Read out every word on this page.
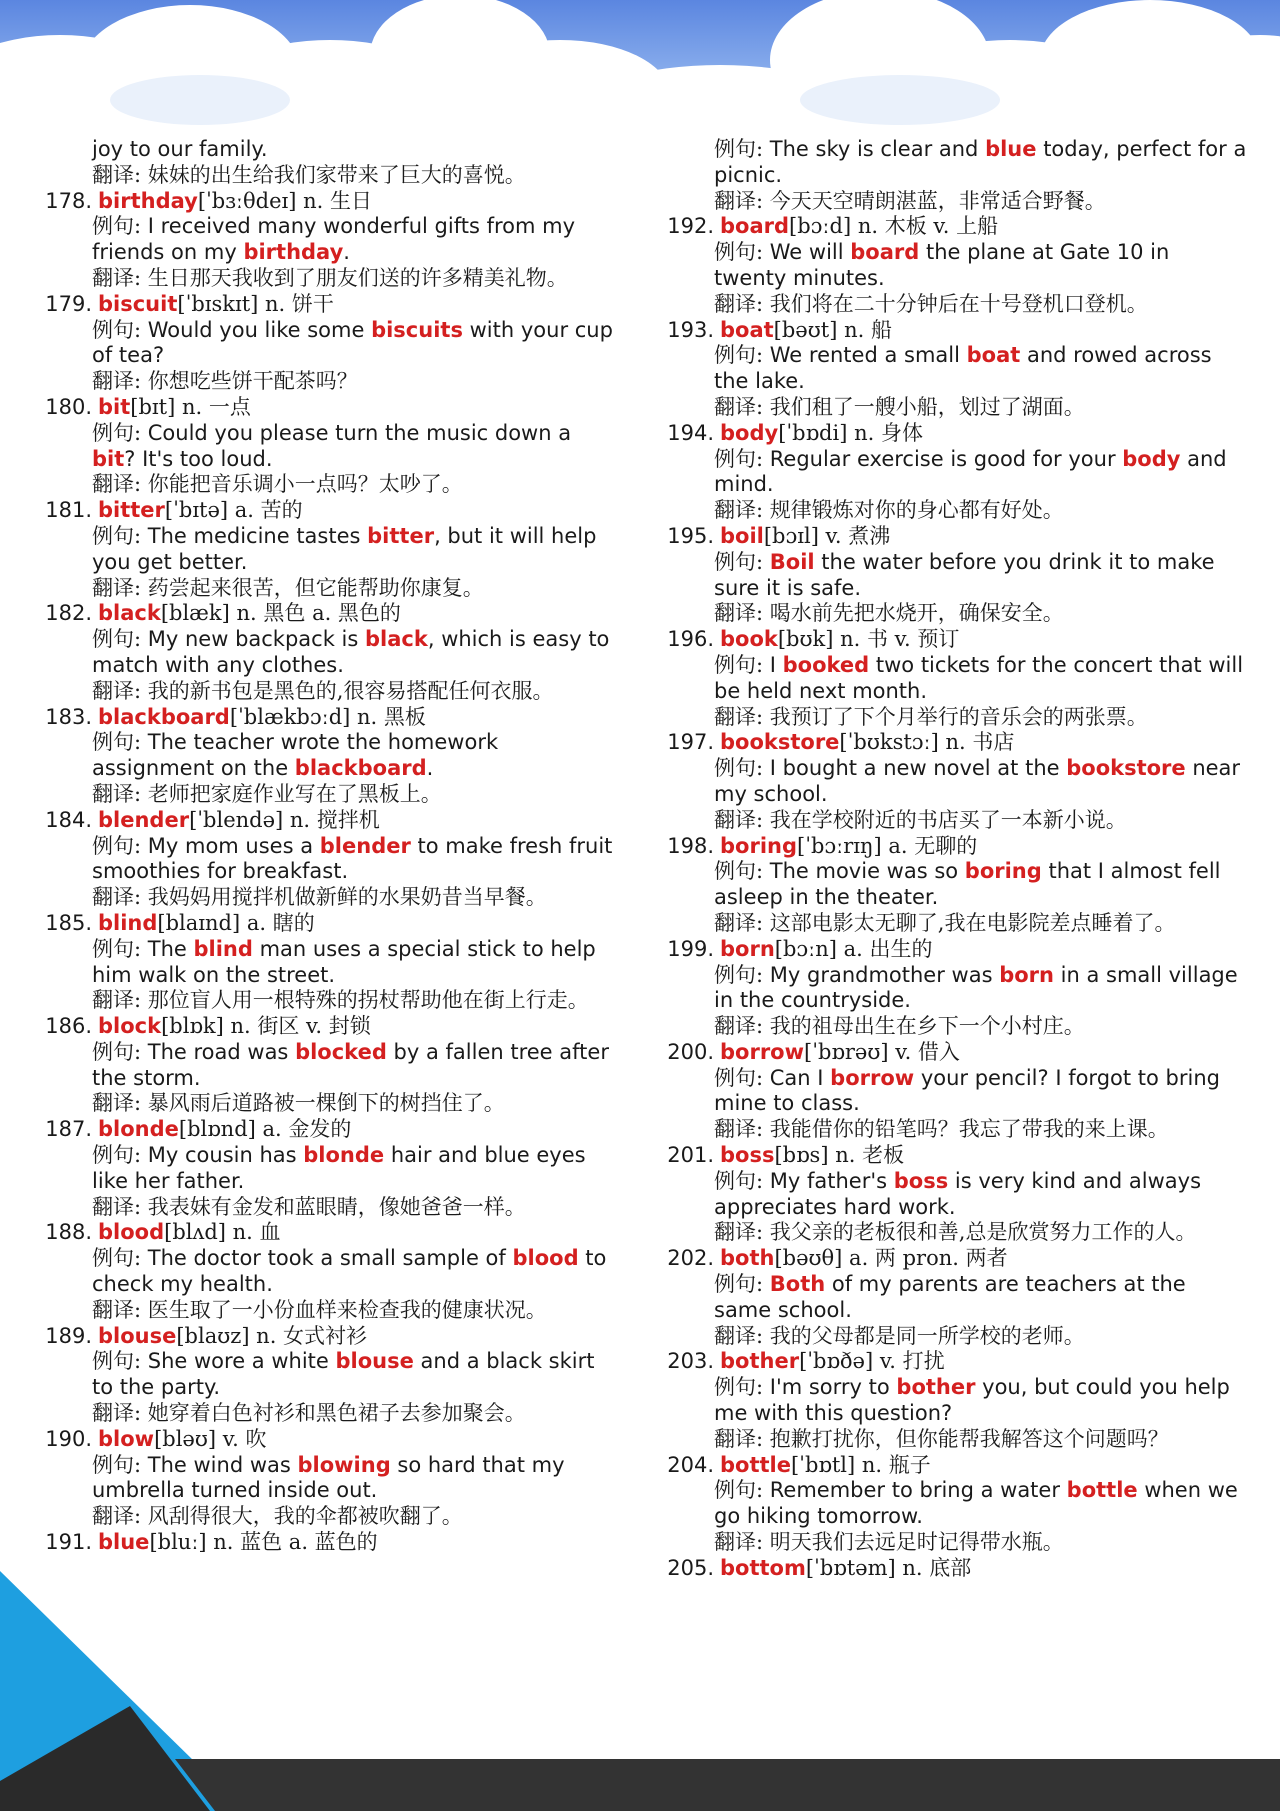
joy to our family.
翻译: 妹妹的出生给我们家带来了巨大的喜悦。
178. birthday [ˈbɜːθdeɪ] n. 生日
例句: I received many wonderful gifts from my friends on my birthday.
翻译: 生日那天我收到了朋友们送的许多精美礼物。
179. biscuit [ˈbɪskɪt] n. 饼干
例句: Would you like some biscuits with your cup of tea?
翻译: 你想吃些饼干配茶吗？
180. bit [bɪt] n. 一点
例句: Could you please turn the music down a bit? It's too loud.
翻译: 你能把音乐调小一点吗？太吵了。
181. bitter [ˈbɪtə] a. 苦的
例句: The medicine tastes bitter, but it will help you get better.
翻译: 药尝起来很苦，但它能帮助你康复。
182. black [blæk] n. 黑色 a. 黑色的
例句: My new backpack is black, which is easy to match with any clothes.
翻译: 我的新书包是黑色的,很容易搭配任何衣服。
183. blackboard [ˈblækbɔːd] n. 黑板
例句: The teacher wrote the homework assignment on the blackboard.
翻译: 老师把家庭作业写在了黑板上。
184. blender [ˈblendə] n. 搅拌机
例句: My mom uses a blender to make fresh fruit smoothies for breakfast.
翻译: 我妈妈用搅拌机做新鲜的水果奶昔当早餐。
185. blind [blaɪnd] a. 瞎的
例句: The blind man uses a special stick to help him walk on the street.
翻译: 那位盲人用一根特殊的拐杖帮助他在街上行走。
186. block [blɒk] n. 街区 v. 封锁
例句: The road was blocked by a fallen tree after the storm.
翻译: 暴风雨后道路被一棵倒下的树挡住了。
187. blonde [blɒnd] a. 金发的
例句: My cousin has blonde hair and blue eyes like her father.
翻译: 我表妹有金发和蓝眼睛，像她爸爸一样。
188. blood [blʌd] n. 血
例句: The doctor took a small sample of blood to check my health.
翻译: 医生取了一小份血样来检查我的健康状况。
189. blouse [blaʊz] n. 女式衬衫
例句: She wore a white blouse and a black skirt to the party.
翻译: 她穿着白色衬衫和黑色裙子去参加聚会。
190. blow [bləʊ] v. 吹
例句: The wind was blowing so hard that my umbrella turned inside out.
翻译: 风刮得很大，我的伞都被吹翻了。
191. blue [bluː] n. 蓝色 a. 蓝色的
例句: The sky is clear and blue today, perfect for a picnic.
翻译: 今天天空晴朗湛蓝，非常适合野餐。
192. board [bɔːd] n. 木板 v. 上船
例句: We will board the plane at Gate 10 in twenty minutes.
翻译: 我们将在二十分钟后在十号登机口登机。
193. boat [bəʊt] n. 船
例句: We rented a small boat and rowed across the lake.
翻译: 我们租了一艘小船，划过了湖面。
194. body [ˈbɒdi] n. 身体
例句: Regular exercise is good for your body and mind.
翻译: 规律锻炼对你的身心都有好处。
195. boil [bɔɪl] v. 煮沸
例句: Boil the water before you drink it to make sure it is safe.
翻译: 喝水前先把水烧开，确保安全。
196. book [bʊk] n. 书 v. 预订
例句: I booked two tickets for the concert that will be held next month.
翻译: 我预订了下个月举行的音乐会的两张票。
197. bookstore [ˈbʊkstɔː] n. 书店
例句: I bought a new novel at the bookstore near my school.
翻译: 我在学校附近的书店买了一本新小说。
198. boring [ˈbɔːrɪŋ] a. 无聊的
例句: The movie was so boring that I almost fell asleep in the theater.
翻译: 这部电影太无聊了,我在电影院差点睡着了。
199. born [bɔːn] a. 出生的
例句: My grandmother was born in a small village in the countryside.
翻译: 我的祖母出生在乡下一个小村庄。
200. borrow [ˈbɒrəʊ] v. 借入
例句: Can I borrow your pencil? I forgot to bring mine to class.
翻译: 我能借你的铅笔吗？我忘了带我的来上课。
201. boss [bɒs] n. 老板
例句: My father's boss is very kind and always appreciates hard work.
翻译: 我父亲的老板很和善,总是欣赏努力工作的人。
202. both [bəʊθ] a. 两 pron. 两者
例句: Both of my parents are teachers at the same school.
翻译: 我的父母都是同一所学校的老师。
203. bother [ˈbɒðə] v. 打扰
例句: I'm sorry to bother you, but could you help me with this question?
翻译: 抱歉打扰你，但你能帮我解答这个问题吗？
204. bottle [ˈbɒtl] n. 瓶子
例句: Remember to bring a water bottle when we go hiking tomorrow.
翻译: 明天我们去远足时记得带水瓶。
205. bottom [ˈbɒtəm] n. 底部
